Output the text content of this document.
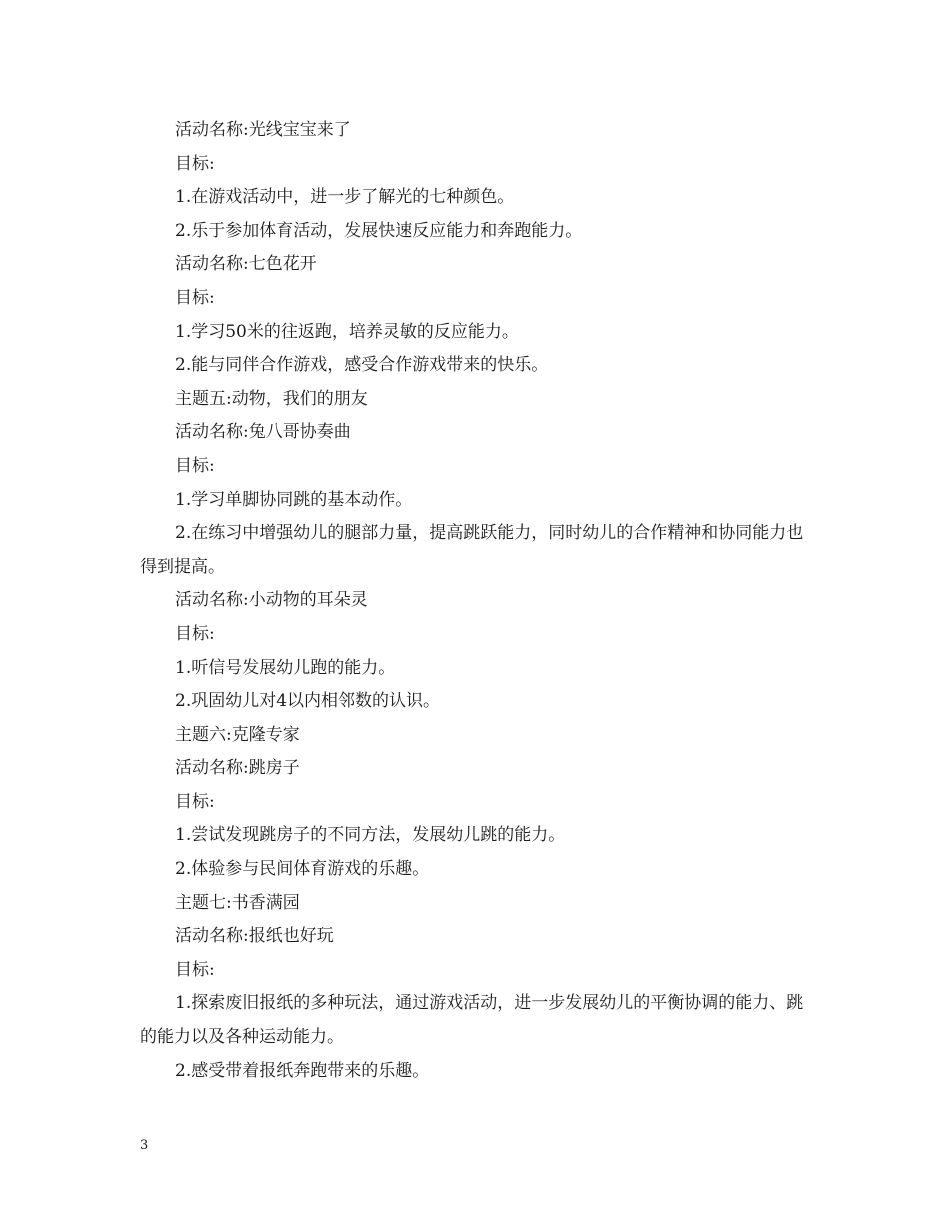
活动名称:光线宝宝来了

目标:

1.在游戏活动中，进一步了解光的七种颜色。

2.乐于参加体育活动，发展快速反应能力和奔跑能力。

活动名称:七色花开

目标:

1.学习50米的往返跑，培养灵敏的反应能力。

2.能与同伴合作游戏，感受合作游戏带来的快乐。

主题五:动物，我们的朋友

活动名称:兔八哥协奏曲

目标:

1.学习单脚协同跳的基本动作。

2.在练习中增强幼儿的腿部力量，提高跳跃能力，同时幼儿的合作精神和协同能力也得到提高。

活动名称:小动物的耳朵灵

目标:

1.听信号发展幼儿跑的能力。

2.巩固幼儿对4以内相邻数的认识。

主题六:克隆专家

活动名称:跳房子

目标:

1.尝试发现跳房子的不同方法，发展幼儿跳的能力。

2.体验参与民间体育游戏的乐趣。

主题七:书香满园

活动名称:报纸也好玩

目标:

1.探索废旧报纸的多种玩法，通过游戏活动，进一步发展幼儿的平衡协调的能力、跳的能力以及各种运动能力。

2.感受带着报纸奔跑带来的乐趣。

3
